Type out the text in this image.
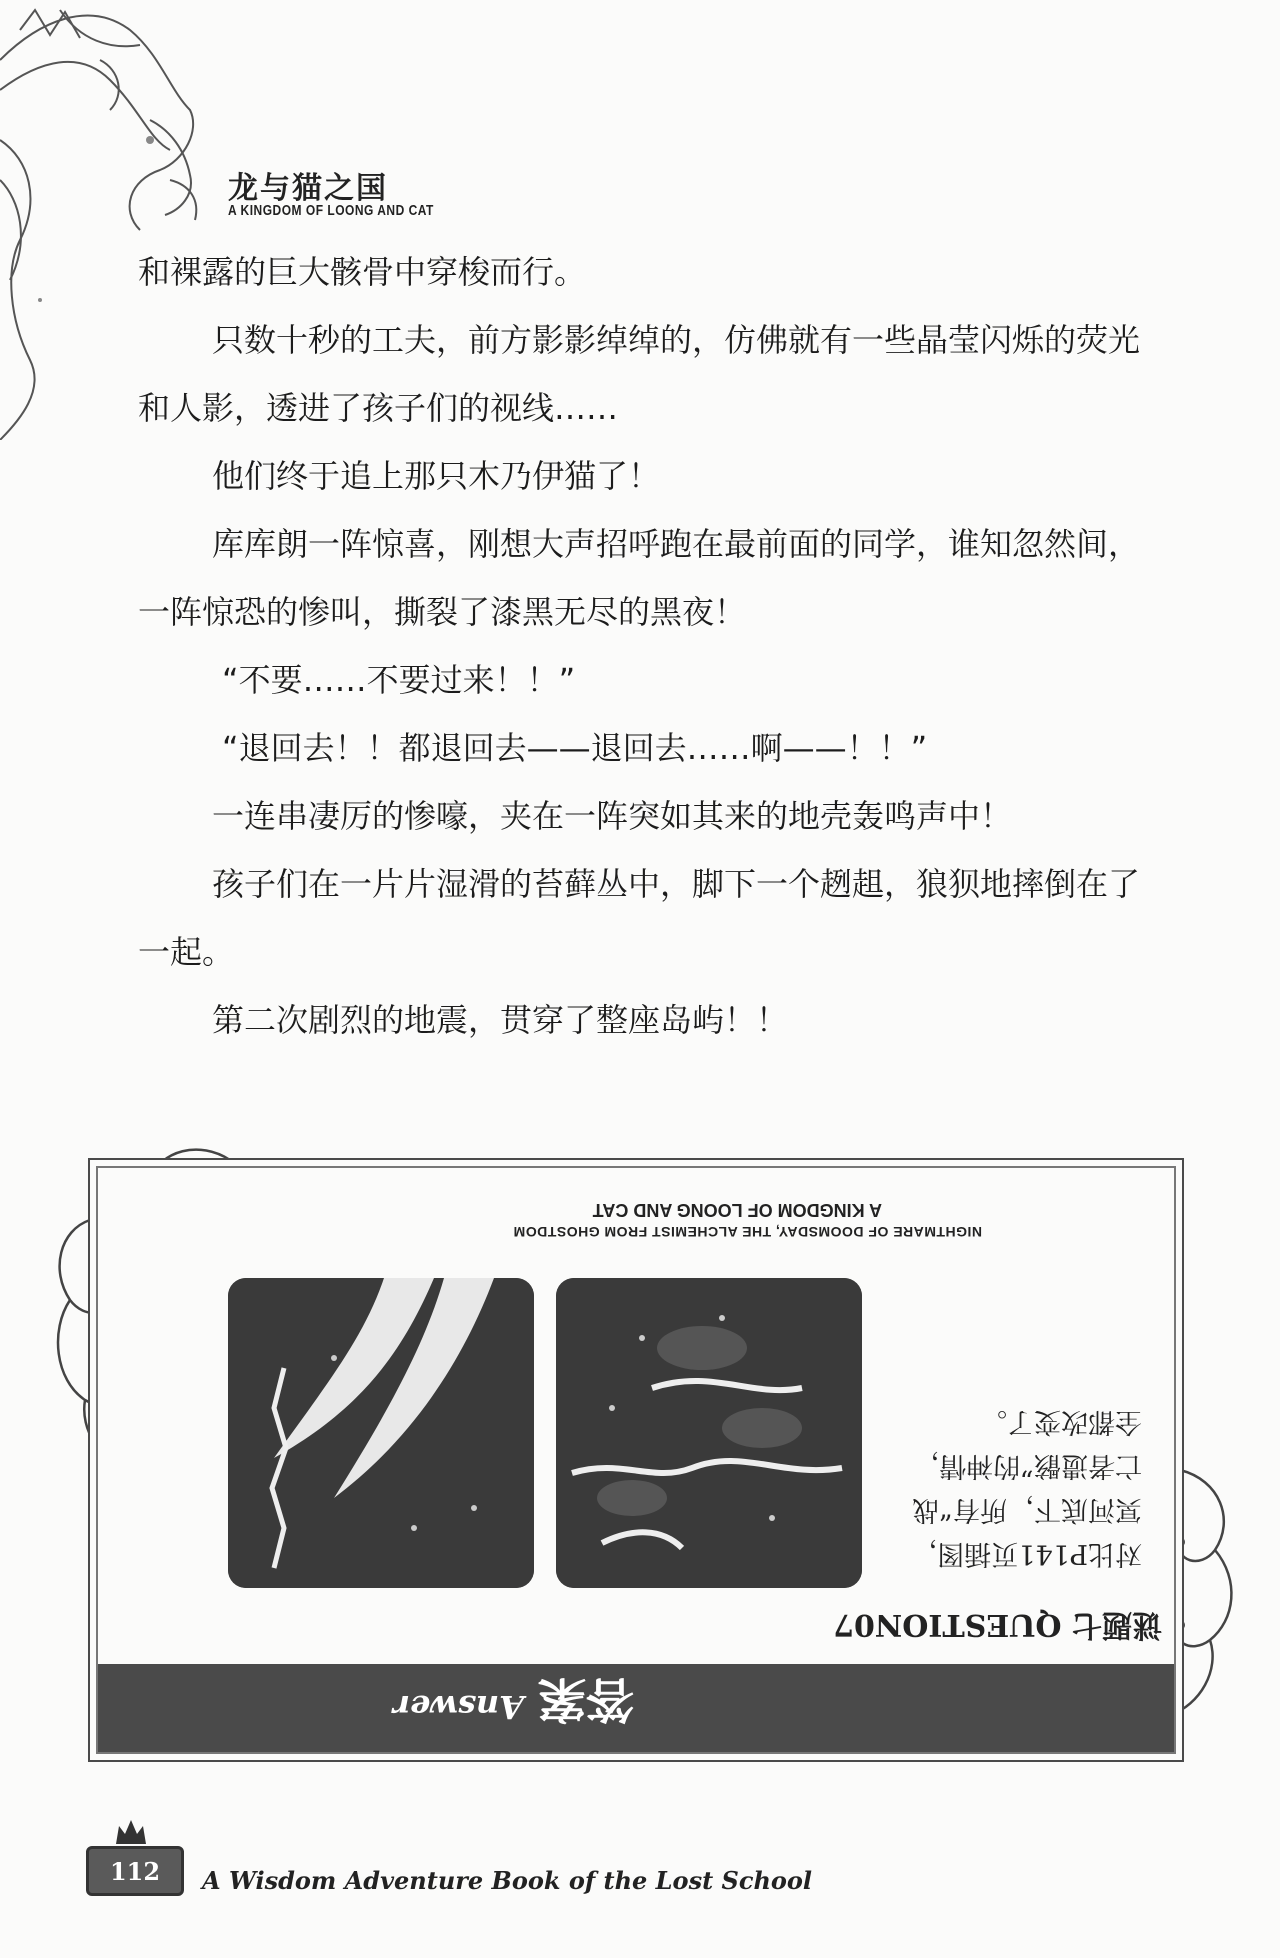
龙与猫之国
A KINGDOM OF LOONG AND CAT

和裸露的巨大骸骨中穿梭而行。

只数十秒的工夫，前方影影绰绰的，仿佛就有一些晶莹闪烁的荧光和人影，透进了孩子们的视线……

他们终于追上那只木乃伊猫了！

库库朗一阵惊喜，刚想大声招呼跑在最前面的同学，谁知忽然间，一阵惊恐的惨叫，撕裂了漆黑无尽的黑夜！

“不要……不要过来！！”

“退回去！！都退回去——退回去……啊——！！”

一连串凄厉的惨嚎，夹在一阵突如其来的地壳轰鸣声中！

孩子们在一片片湿滑的苔藓丛中，脚下一个趔趄，狼狈地摔倒在了一起。

第二次剧烈的地震，贯穿了整座岛屿！！

答案
Answer
谜题七 QUESTION07

对比P141页插图，

冥河底下，所有“战

亡者遗骸”的神情，

全都改变了。

NIGHTMARE OF DOOMSDAY, THE ALCHEMIST FROM GHOSTDOM
A KINGDOM OF LOONG AND CAT
112 A Wisdom Adventure Book of the Lost School
